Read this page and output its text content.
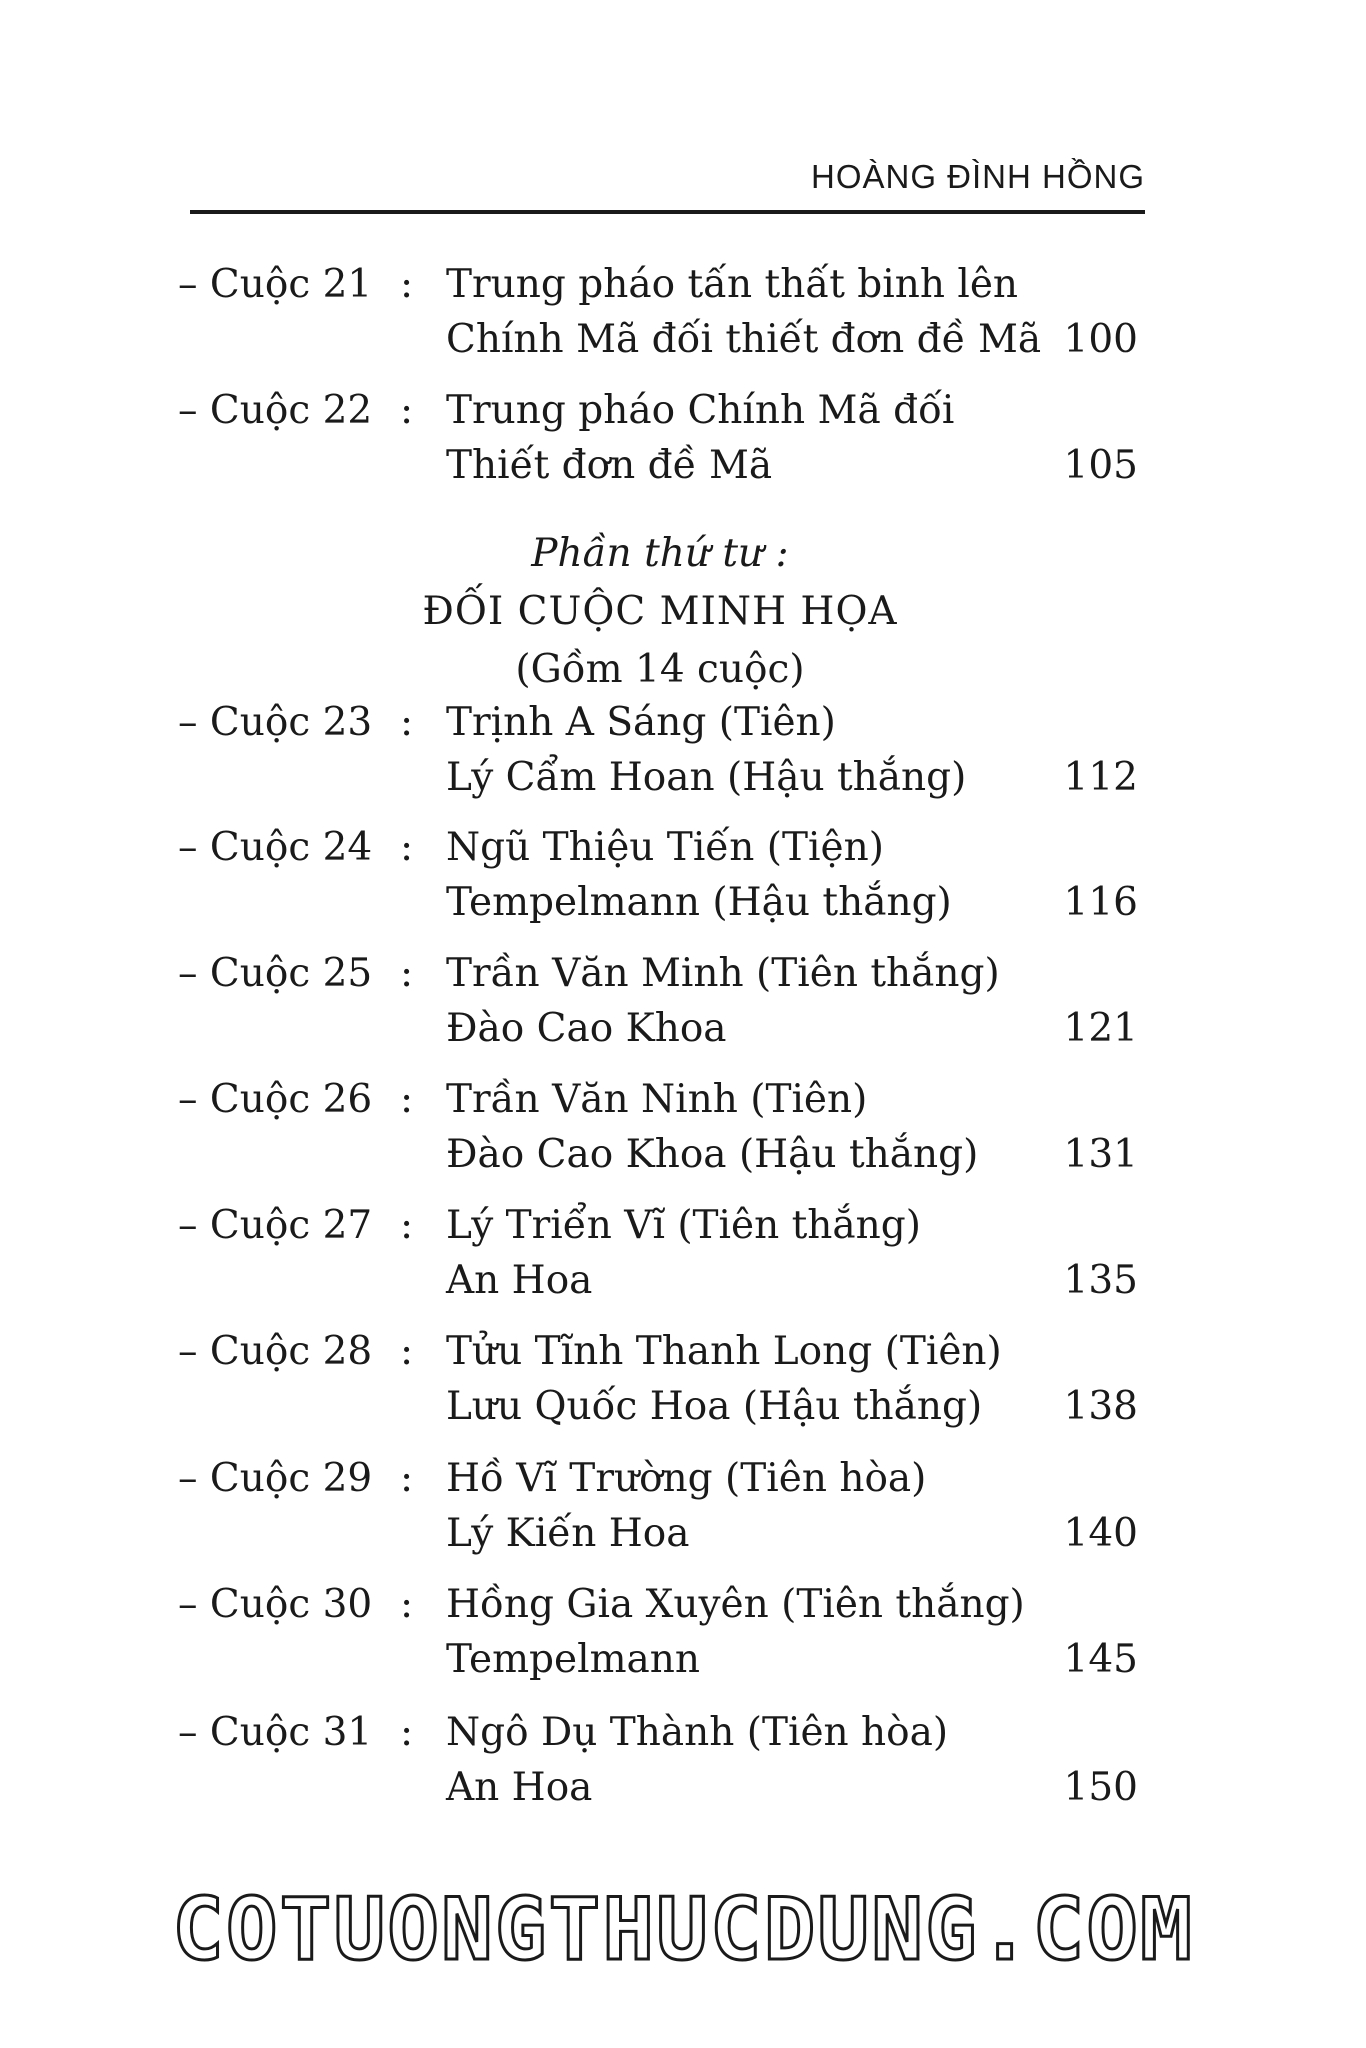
HOÀNG ĐÌNH HỒNG
– Cuộc 21 : Trung pháo tấn thất binh lên
Chính Mã đối thiết đơn đề Mã 100
– Cuộc 22 : Trung pháo Chính Mã đối
Thiết đơn đề Mã	105
Phần thứ tư :
ĐỐI CUỘC MINH HỌA
(Gồm 14 cuộc)
– Cuộc 23 : Trịnh A Sáng (Tiên)
Lý Cẩm Hoan (Hậu thắng) 112
– Cuộc 24 : Ngũ Thiệu Tiến (Tiện)
Tempelmann (Hậu thắng)	116
– Cuộc 25 : Trần Văn Minh (Tiên thắng)
Đào Cao Khoa	121
– Cuộc 26 : Trần Văn Ninh (Tiên)
Đào Cao Khoa (Hậu thắng) 131
– Cuộc 27 : Lý Triển Vĩ (Tiên thắng)
An Hoa	135
– Cuộc 28 : Tửu Tĩnh Thanh Long (Tiên)
Lưu Quốc Hoa (Hậu thắng) 138
– Cuộc 29 : Hồ Vĩ Trường (Tiên hòa)
Lý Kiến Hoa	140
– Cuộc 30 : Hồng Gia Xuyên (Tiên thắng)
Tempelmann	145
– Cuộc 31 : Ngô Dụ Thành (Tiên hòa)
An Hoa	150
COTUONGTHUCDUNG.COM
